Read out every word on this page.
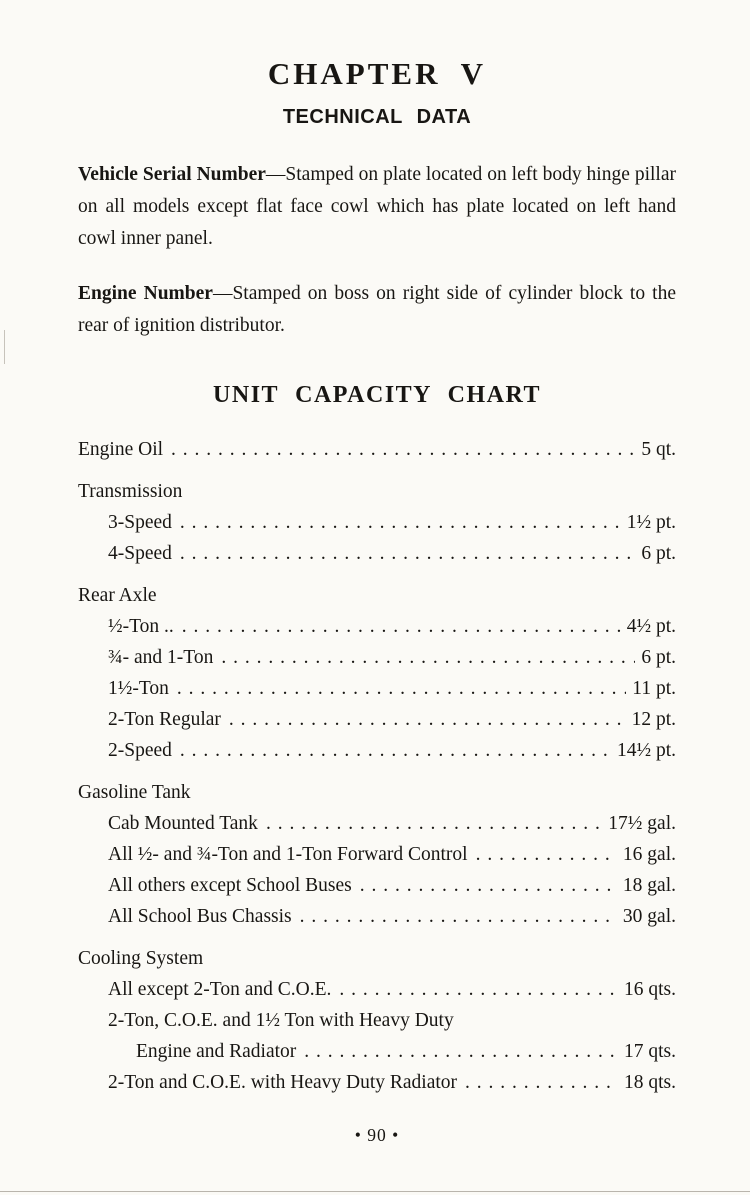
CHAPTER V
TECHNICAL DATA

Vehicle Serial Number—Stamped on plate located on left body hinge pillar on all models except flat face cowl which has plate located on left hand cowl inner panel.

Engine Number—Stamped on boss on right side of cylinder block to the rear of ignition distributor.

UNIT CAPACITY CHART
Engine Oil . . .	5 qt.
Transmission
3-Speed . . .	1½ pt.
4-Speed . . .	6 pt.
Rear Axle
½-Ton .. . . .	4½ pt.
¾- and 1-Ton . . .	6 pt.
1½-Ton . . .	11 pt.
2-Ton Regular . . .	12 pt.
2-Speed . . .	14½ pt.
Gasoline Tank
Cab Mounted Tank . . .	17½ gal.
All ½- and ¾-Ton and 1-Ton Forward Control . . .	16 gal.
All others except School Buses . . .	18 gal.
All School Bus Chassis . . .	30 gal.
Cooling System
All except 2-Ton and C.O.E. . . .	16 qts.
2-Ton, C.O.E. and 1½ Ton with Heavy Duty
Engine and Radiator . . .	17 qts.
2-Ton and C.O.E. with Heavy Duty Radiator . . .	18 qts.
• 90 •
